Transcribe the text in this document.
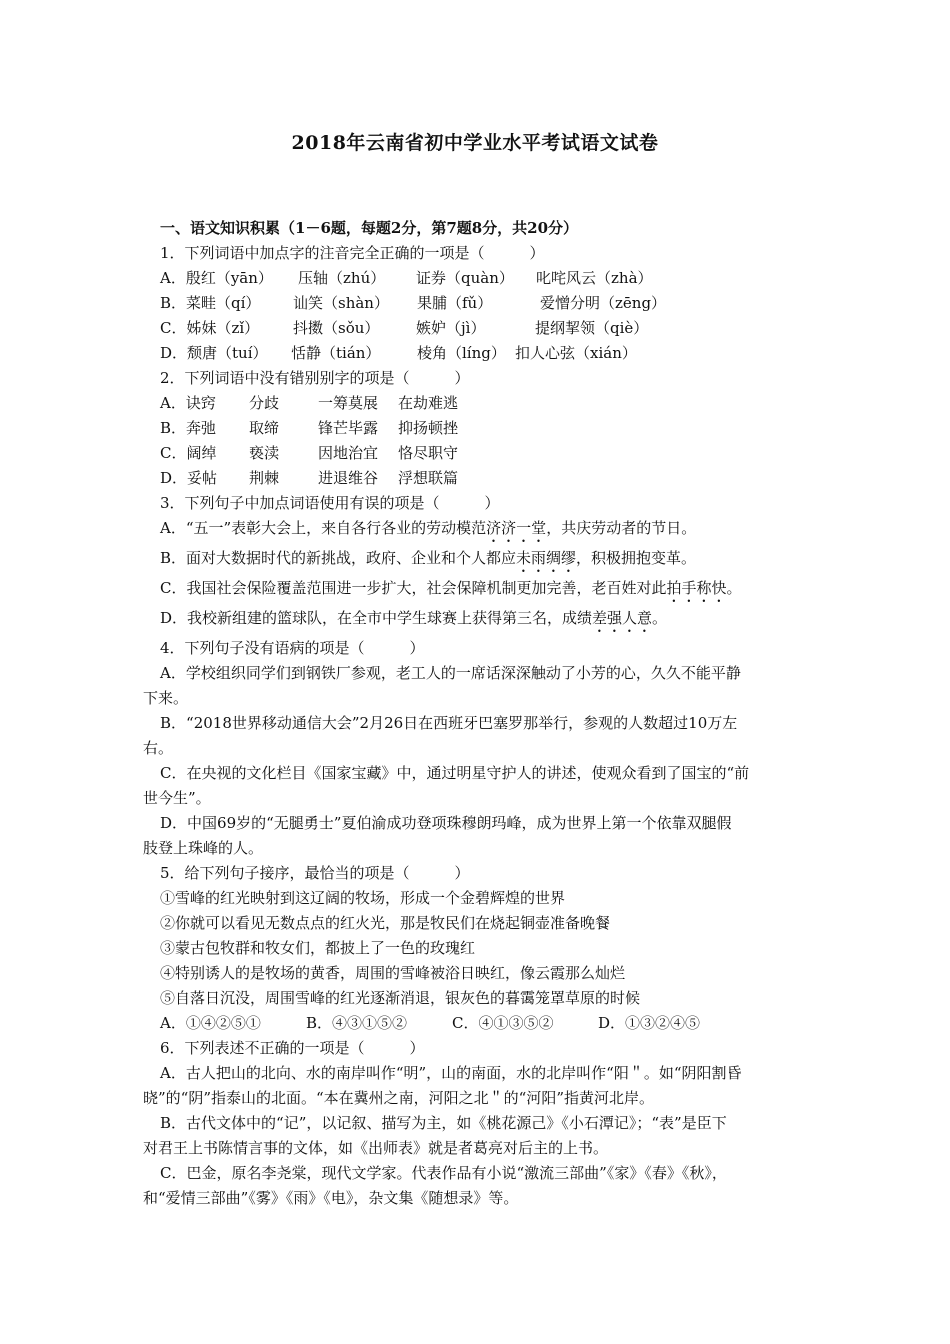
2018年云南省初中学业水平考试语文试卷
一、语文知识积累（1－6题，每题2分，第7题8分，共20分）
1．下列词语中加点字的注音完全正确的一项是（　　　）
A．殷红（yān） 压轴（zhú） 证券（quàn） 叱咤风云（zhà）
B．菜畦（qí） 讪笑（shàn） 果脯（fǔ）	爱憎分明（zēng）
C．姊妹（zǐ） 抖擞（sǒu） 嫉妒（jì）	提纲挈领（qiè）
D．颓唐（tuí） 恬静（tián） 棱角（líng） 扣人心弦（xián）
2．下列词语中没有错别别字的项是（　　　）
A．诀窍 分歧	一筹莫展 在劫难逃
B．奔弛 取缔	锋芒毕露 抑扬顿挫
C．阔绰 亵渎	因地治宜 恪尽职守
D．妥帖 荆棘	进退维谷 浮想联篇
3．下列句子中加点词语使用有误的项是（　　　）
A．“五一”表彰大会上，来自各行各业的劳动模范济济一堂，共庆劳动者的节日。
B．面对大数据时代的新挑战，政府、企业和个人都应未雨绸缪，积极拥抱变革。
C．我国社会保险覆盖范围进一步扩大，社会保障机制更加完善，老百姓对此拍手称快。
D．我校新组建的篮球队，在全市中学生球赛上获得第三名，成绩差强人意。
4．下列句子没有语病的项是（　　　）
A．学校组织同学们到钢铁厂参观，老工人的一席话深深触动了小芳的心，久久不能平静
下来。
B．“2018世界移动通信大会”2月26日在西班牙巴塞罗那举行，参观的人数超过10万左
右。
C．在央视的文化栏目《国家宝藏》中，通过明星守护人的讲述，使观众看到了国宝的“前
世今生”。
D．中国69岁的“无腿勇士”夏伯渝成功登项珠穆朗玛峰，成为世界上第一个依靠双腿假
肢登上珠峰的人。
5．给下列句子接序，最恰当的项是（　　　）
①雪峰的红光映射到这辽阔的牧场，形成一个金碧辉煌的世界
②你就可以看见无数点点的红火光，那是牧民们在烧起铜壶准备晚餐
③蒙古包牧群和牧女们，都披上了一色的玫瑰红
④特别诱人的是牧场的黄香，周围的雪峰被浴日映红，像云霞那么灿烂
⑤自落日沉没，周围雪峰的红光逐渐消退，银灰色的暮霭笼罩草原的时候
A．①④②⑤①	B．④③①⑤②	C．④①③⑤②	D．①③②④⑤
6．下列表述不正确的一项是（　　　）
A．古人把山的北向、水的南岸叫作“明”，山的南面，水的北岸叫作“阳＂。如“阴阳割昏
晓”的“阴”指泰山的北面。“本在冀州之南，河阳之北＂的“河阳”指黄河北岸。
B．古代文体中的“记”，以记叙、描写为主，如《桃花源己》《小石潭记》；“表”是臣下
对君王上书陈情言事的文体，如《出师表》就是者葛亮对后主的上书。
C．巴金，原名李尧棠，现代文学家。代表作品有小说“激流三部曲”《家》《春》《秋》，
和“爱情三部曲”《雾》《雨》《电》，杂文集《随想录》等。
